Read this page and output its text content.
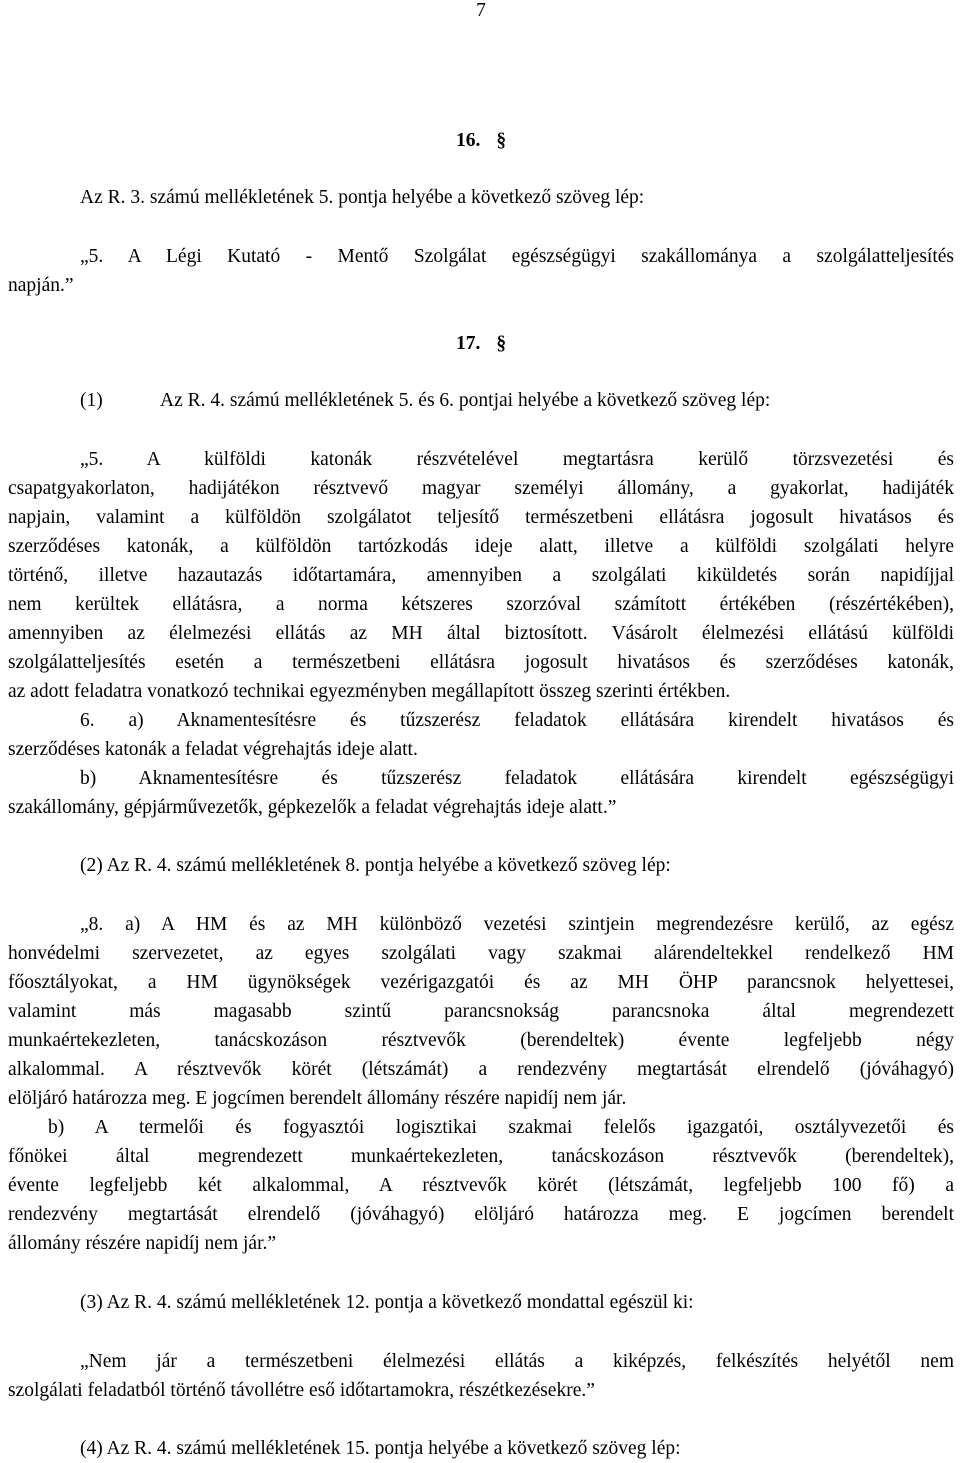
7
16. §
Az R. 3. számú mellékletének 5. pontja helyébe a következő szöveg lép:
„5. A Légi Kutató - Mentő Szolgálat egészségügyi szakállománya a szolgálatteljesítés
napján.”
17. §
(1)	Az R. 4. számú mellékletének 5. és 6. pontjai helyébe a következő szöveg lép:
„5. A külföldi katonák részvételével megtartásra kerülő törzsvezetési és
csapatgyakorlaton, hadijátékon résztvevő magyar személyi állomány, a gyakorlat, hadijáték
napjain, valamint a külföldön szolgálatot teljesítő természetbeni ellátásra jogosult hivatásos és
szerződéses katonák, a külföldön tartózkodás ideje alatt, illetve a külföldi szolgálati helyre
történő, illetve hazautazás időtartamára, amennyiben a szolgálati kiküldetés során napidíjjal
nem kerültek ellátásra, a norma kétszeres szorzóval számított értékében (részértékében),
amennyiben az élelmezési ellátás az MH által biztosított. Vásárolt élelmezési ellátású külföldi
szolgálatteljesítés esetén a természetbeni ellátásra jogosult hivatásos és szerződéses katonák,
az adott feladatra vonatkozó technikai egyezményben megállapított összeg szerinti értékben.
6. a) Aknamentesítésre és tűzszerész feladatok ellátására kirendelt hivatásos és
szerződéses katonák a feladat végrehajtás ideje alatt.
b) Aknamentesítésre és tűzszerész feladatok ellátására kirendelt egészségügyi
szakállomány, gépjárművezetők, gépkezelők a feladat végrehajtás ideje alatt.”
(2) Az R. 4. számú mellékletének 8. pontja helyébe a következő szöveg lép:
„8. a) A HM és az MH különböző vezetési szintjein megrendezésre kerülő, az egész
honvédelmi szervezetet, az egyes szolgálati vagy szakmai alárendeltekkel rendelkező HM
főosztályokat, a HM ügynökségek vezérigazgatói és az MH ÖHP parancsnok helyettesei,
valamint más magasabb szintű parancsnokság parancsnoka által megrendezett
munkaértekezleten, tanácskozáson résztvevők (berendeltek) évente legfeljebb négy
alkalommal. A résztvevők körét (létszámát) a rendezvény megtartását elrendelő (jóváhagyó)
elöljáró határozza meg. E jogcímen berendelt állomány részére napidíj nem jár.
b) A termelői és fogyasztói logisztikai szakmai felelős igazgatói, osztályvezetői és
főnökei által megrendezett munkaértekezleten, tanácskozáson résztvevők (berendeltek),
évente legfeljebb két alkalommal, A résztvevők körét (létszámát, legfeljebb 100 fő) a
rendezvény megtartását elrendelő (jóváhagyó) elöljáró határozza meg. E jogcímen berendelt
állomány részére napidíj nem jár.”
(3) Az R. 4. számú mellékletének 12. pontja a következő mondattal egészül ki:
„Nem jár a természetbeni élelmezési ellátás a kiképzés, felkészítés helyétől nem
szolgálati feladatból történő távollétre eső időtartamokra, részétkezésekre.”
(4) Az R. 4. számú mellékletének 15. pontja helyébe a következő szöveg lép:
